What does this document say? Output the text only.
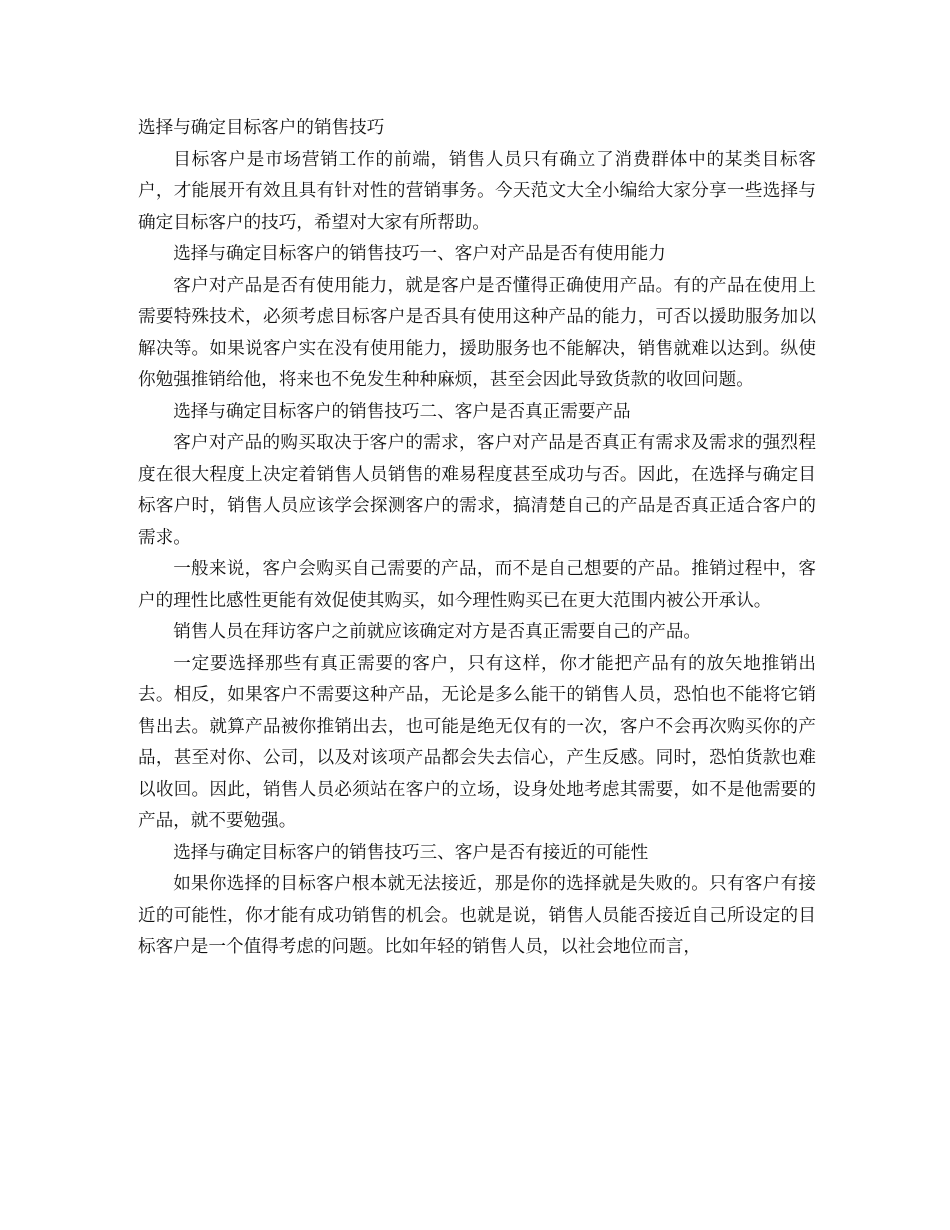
选择与确定目标客户的销售技巧

目标客户是市场营销工作的前端，销售人员只有确立了消费群体中的某类目标客户，才能展开有效且具有针对性的营销事务。今天范文大全小编给大家分享一些选择与确定目标客户的技巧，希望对大家有所帮助。

选择与确定目标客户的销售技巧一、客户对产品是否有使用能力

客户对产品是否有使用能力，就是客户是否懂得正确使用产品。有的产品在使用上需要特殊技术，必须考虑目标客户是否具有使用这种产品的能力，可否以援助服务加以解决等。如果说客户实在没有使用能力，援助服务也不能解决，销售就难以达到。纵使你勉强推销给他，将来也不免发生种种麻烦，甚至会因此导致货款的收回问题。

选择与确定目标客户的销售技巧二、客户是否真正需要产品

客户对产品的购买取决于客户的需求，客户对产品是否真正有需求及需求的强烈程度在很大程度上决定着销售人员销售的难易程度甚至成功与否。因此，在选择与确定目标客户时，销售人员应该学会探测客户的需求，搞清楚自己的产品是否真正适合客户的需求。

一般来说，客户会购买自己需要的产品，而不是自己想要的产品。推销过程中，客户的理性比感性更能有效促使其购买，如今理性购买已在更大范围内被公开承认。

销售人员在拜访客户之前就应该确定对方是否真正需要自己的产品。

一定要选择那些有真正需要的客户，只有这样，你才能把产品有的放矢地推销出去。相反，如果客户不需要这种产品，无论是多么能干的销售人员，恐怕也不能将它销售出去。就算产品被你推销出去，也可能是绝无仅有的一次，客户不会再次购买你的产品，甚至对你、公司，以及对该项产品都会失去信心，产生反感。同时，恐怕货款也难以收回。因此，销售人员必须站在客户的立场，设身处地考虑其需要，如不是他需要的产品，就不要勉强。

选择与确定目标客户的销售技巧三、客户是否有接近的可能性

如果你选择的目标客户根本就无法接近，那是你的选择就是失败的。只有客户有接近的可能性，你才能有成功销售的机会。也就是说，销售人员能否接近自己所设定的目标客户是一个值得考虑的问题。比如年轻的销售人员，以社会地位而言，
